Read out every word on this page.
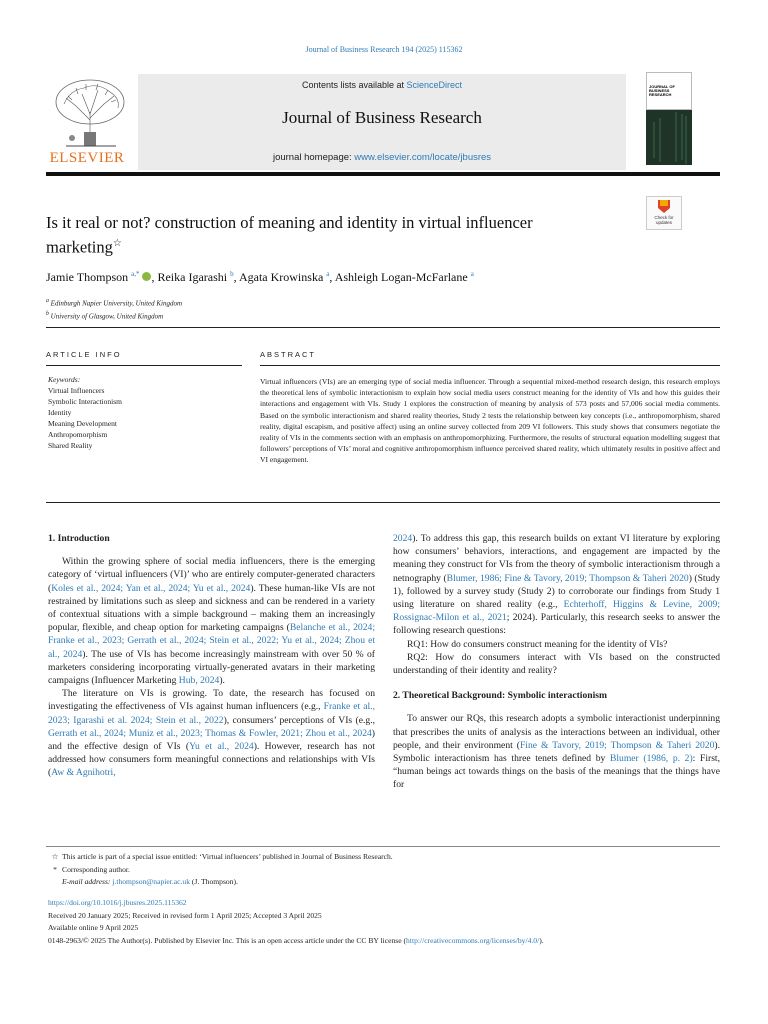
Journal of Business Research 194 (2025) 115362
ELSEVIER
Contents lists available at ScienceDirect
Journal of Business Research
journal homepage: www.elsevier.com/locate/jbusres
JOURNAL OF BUSINESS RESEARCH
Is it real or not? construction of meaning and identity in virtual influencer marketing☆
Check for updates
Jamie Thompson $^{a,*}$ , Reika Igarashi $^b$, Agata Krowinska $^a$, Ashleigh Logan-McFarlane $^a$
$^a$ Edinburgh Napier University, United Kingdom
$^b$ University of Glasgow, United Kingdom
ARTICLE INFO	ABSTRACT
Keywords:
Virtual Influencers
Symbolic Interactionism
Identity
Meaning Development
Anthropomorphism
Shared Reality
Virtual influencers (VIs) are an emerging type of social media influencer. Through a sequential mixed-method research design, this research employs the theoretical lens of symbolic interactionism to explain how social media users construct meaning for the identity of VIs and how this guides their interactions and engagement with VIs. Study 1 explores the construction of meaning by analysis of 573 posts and 57,006 social media comments. Based on the symbolic interactionism and shared reality theories, Study 2 tests the relationship between key concepts (i.e., anthropomorphism, shared reality, digital escapism, and positive affect) using an online survey collected from 209 VI followers. This study shows that consumers negotiate the reality of VIs in the comments section with an emphasis on anthropomorphizing. Furthermore, the results of structural equation modelling suggest that followers’ perceptions of VIs’ moral and cognitive anthropomorphism influence perceived shared reality, which ultimately results in positive affect and VI engagement.
1. Introduction

Within the growing sphere of social media influencers, there is the emerging category of ‘virtual influencers (VI)’ who are entirely computer-generated characters (Koles et al., 2024; Yan et al., 2024; Yu et al., 2024). These human-like VIs are not restrained by limitations such as sleep and sickness and can be rendered in a variety of contextual situations with a simple background – making them an increasingly popular, flexible, and cheap option for marketing campaigns (Belanche et al., 2024; Franke et al., 2023; Gerrath et al., 2024; Stein et al., 2022; Yu et al., 2024; Zhou et al., 2024). The use of VIs has become increasingly mainstream with over 50 % of marketers considering incorporating virtually-generated avatars in their marketing campaigns (Influencer Marketing Hub, 2024).

The literature on VIs is growing. To date, the research has focused on investigating the effectiveness of VIs against human influencers (e.g., Franke et al., 2023; Igarashi et al. 2024; Stein et al., 2022), consumers’ perceptions of VIs (e.g., Gerrath et al., 2024; Muniz et al., 2023; Thomas & Fowler, 2021; Zhou et al., 2024) and the effective design of VIs (Yu et al., 2024). However, research has not addressed how consumers form meaningful connections and relationships with VIs (Aw & Agnihotri,

2024). To address this gap, this research builds on extant VI literature by exploring how consumers’ behaviors, interactions, and engagement are impacted by the meaning they construct for VIs from the theory of symbolic interactionism through a netnography (Blumer, 1986; Fine & Tavory, 2019; Thompson & Taheri 2020) (Study 1), followed by a survey study (Study 2) to corroborate our findings from Study 1 using literature on shared reality (e.g., Echterhoff, Higgins & Levine, 2009; Rossignac-Milon et al., 2021; 2024). Particularly, this research seeks to answer the following research questions:

RQ1: How do consumers construct meaning for the identity of VIs?

RQ2: How do consumers interact with VIs based on the constructed understanding of their identity and reality?

2. Theoretical Background: Symbolic interactionism

To answer our RQs, this research adopts a symbolic interactionist underpinning that prescribes the units of analysis as the interactions between an individual, other people, and their environment (Fine & Tavory, 2019; Thompson & Taheri 2020). Symbolic interactionism has three tenets defined by Blumer (1986, p. 2): First, “human beings act towards things on the basis of the meanings that the things have for

☆ This article is part of a special issue entitled: ‘Virtual influencers’ published in Journal of Business Research.
* Corresponding author.
E-mail address: j.thompson@napier.ac.uk (J. Thompson).
https://doi.org/10.1016/j.jbusres.2025.115362
Received 20 January 2025; Received in revised form 1 April 2025; Accepted 3 April 2025
Available online 9 April 2025
0148-2963/© 2025 The Author(s). Published by Elsevier Inc. This is an open access article under the CC BY license (http://creativecommons.org/licenses/by/4.0/).
